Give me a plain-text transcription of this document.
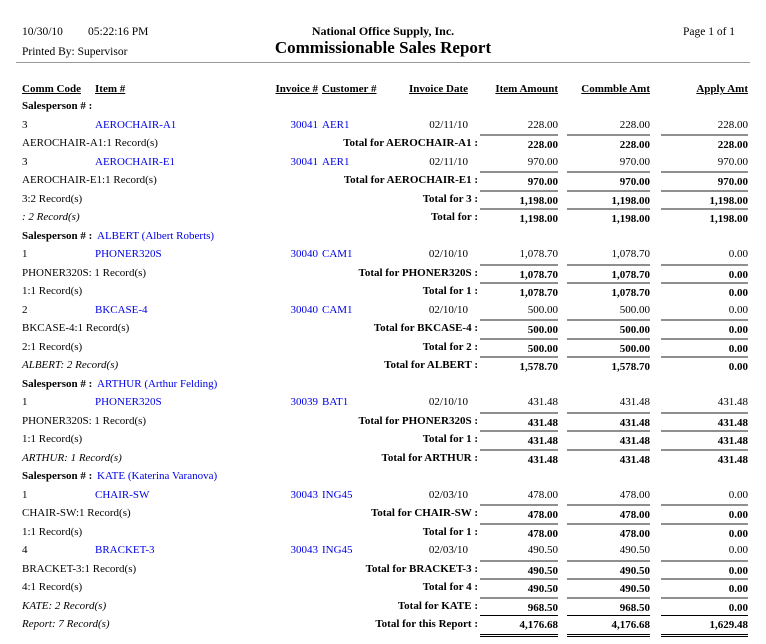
10/30/10 05:22:16 PM	National Office Supply, Inc.	Page 1 of 1
Printed By: Supervisor	Commissionable Sales Report
Comm Code Item #	Invoice # Customer #	Invoice Date	Item Amount	Commble Amt	Apply Amt
Salesperson # :
3	AEROCHAIR-A1	30041 AER1	02/11/10	228.00	228.00	228.00
AEROCHAIR-A1:1 Record(s)	Total for AEROCHAIR-A1 :	228.00	228.00	228.00
3	AEROCHAIR-E1	30041 AER1	02/11/10	970.00	970.00	970.00
AEROCHAIR-E1:1 Record(s)	Total for AEROCHAIR-E1 :	970.00	970.00	970.00
3:2 Record(s)	Total for 3 :	1,198.00	1,198.00	1,198.00
: 2 Record(s)	Total for :	1,198.00	1,198.00	1,198.00
Salesperson # : ALBERT (Albert Roberts)
1	PHONER320S	30040 CAM1	02/10/10	1,078.70	1,078.70	0.00
PHONER320S: 1 Record(s)	Total for PHONER320S :	1,078.70	1,078.70	0.00
1:1 Record(s)	Total for 1 :	1,078.70	1,078.70	0.00
2	BKCASE-4	30040 CAM1	02/10/10	500.00	500.00	0.00
BKCASE-4:1 Record(s)	Total for BKCASE-4 :	500.00	500.00	0.00
2:1 Record(s)	Total for 2 :	500.00	500.00	0.00
ALBERT: 2 Record(s)	Total for ALBERT :	1,578.70	1,578.70	0.00
Salesperson # : ARTHUR (Arthur Felding)
1	PHONER320S	30039 BAT1	02/10/10	431.48	431.48	431.48
PHONER320S: 1 Record(s)	Total for PHONER320S :	431.48	431.48	431.48
1:1 Record(s)	Total for 1 :	431.48	431.48	431.48
ARTHUR: 1 Record(s)	Total for ARTHUR :	431.48	431.48	431.48
Salesperson # : KATE (Katerina Varanova)
1	CHAIR-SW	30043 ING45	02/03/10	478.00	478.00	0.00
CHAIR-SW:1 Record(s)	Total for CHAIR-SW :	478.00	478.00	0.00
1:1 Record(s)	Total for 1 :	478.00	478.00	0.00
4	BRACKET-3	30043 ING45	02/03/10	490.50	490.50	0.00
BRACKET-3:1 Record(s)	Total for BRACKET-3 :	490.50	490.50	0.00
4:1 Record(s)	Total for 4 :	490.50	490.50	0.00
KATE: 2 Record(s)	Total for KATE :	968.50	968.50	0.00
Report: 7 Record(s)	Total for this Report :	4,176.68	4,176.68	1,629.48
